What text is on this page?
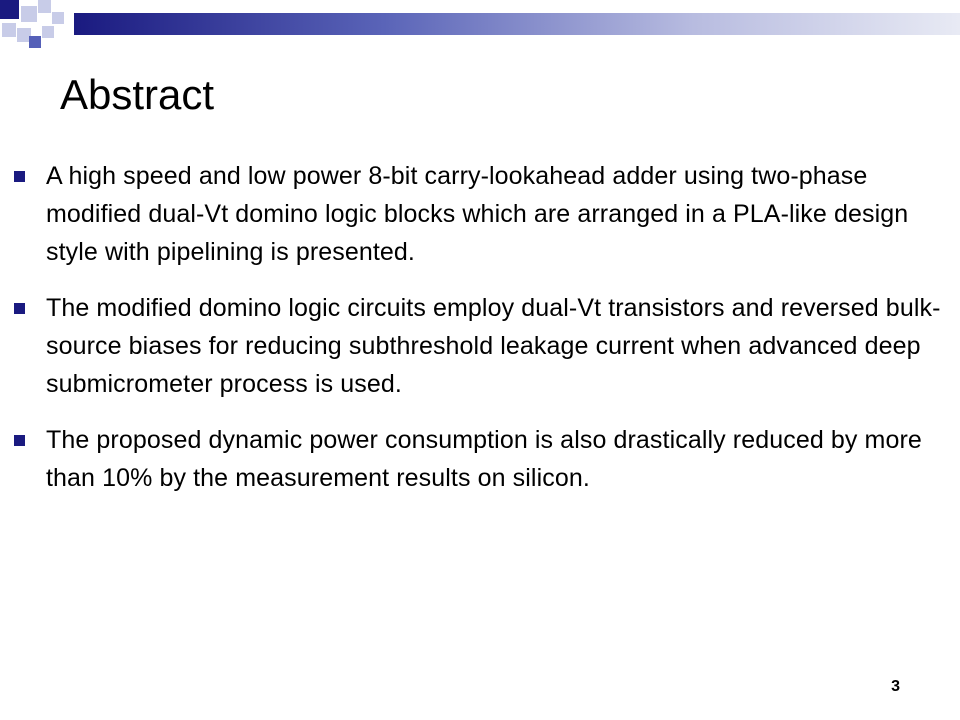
Abstract
A high speed and low power 8-bit carry-lookahead adder using two-phase modified dual-Vt domino logic blocks which are arranged in a PLA-like design style with pipelining is presented.
The modified domino logic circuits employ dual-Vt transistors and reversed bulk-source biases for reducing subthreshold leakage current when advanced deep submicrometer process is used.
The proposed dynamic power consumption is also drastically reduced by more than 10% by the measurement results on silicon.
3
